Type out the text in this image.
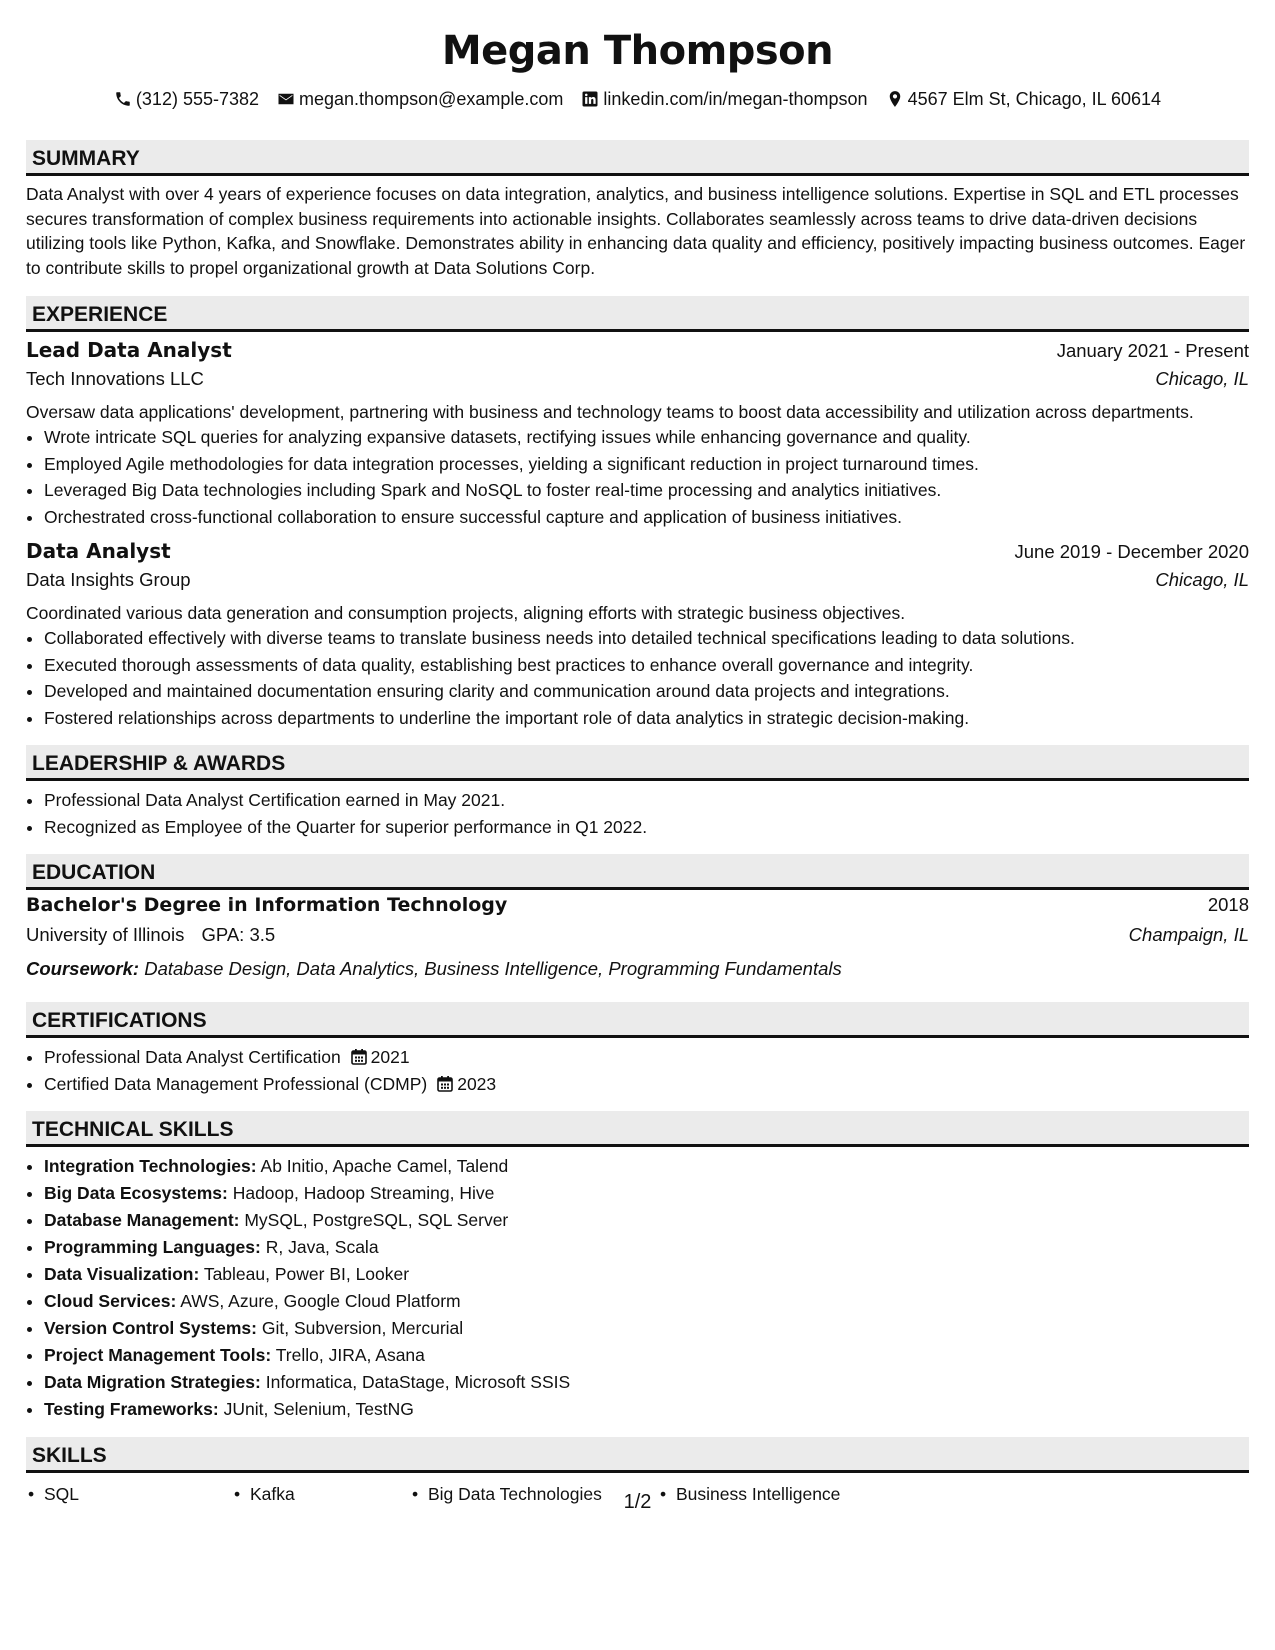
Megan Thompson
(312) 555-7382 megan.thompson@example.com linkedin.com/in/megan-thompson 4567 Elm St, Chicago, IL 60614
SUMMARY

Data Analyst with over 4 years of experience focuses on data integration, analytics, and business intelligence solutions. Expertise in SQL and ETL processes secures transformation of complex business requirements into actionable insights. Collaborates seamlessly across teams to drive data-driven decisions utilizing tools like Python, Kafka, and Snowflake. Demonstrates ability in enhancing data quality and efficiency, positively impacting business outcomes. Eager to contribute skills to propel organizational growth at Data Solutions Corp.

EXPERIENCE
Lead Data Analyst	January 2021 - Present
Tech Innovations LLC	Chicago, IL

Oversaw data applications' development, partnering with business and technology teams to boost data accessibility and utilization across departments.

• Wrote intricate SQL queries for analyzing expansive datasets, rectifying issues while enhancing governance and quality.
• Employed Agile methodologies for data integration processes, yielding a significant reduction in project turnaround times.
• Leveraged Big Data technologies including Spark and NoSQL to foster real-time processing and analytics initiatives.
• Orchestrated cross-functional collaboration to ensure successful capture and application of business initiatives.
Data Analyst	June 2019 - December 2020
Data Insights Group	Chicago, IL

Coordinated various data generation and consumption projects, aligning efforts with strategic business objectives.

• Collaborated effectively with diverse teams to translate business needs into detailed technical specifications leading to data solutions.
• Executed thorough assessments of data quality, establishing best practices to enhance overall governance and integrity.
• Developed and maintained documentation ensuring clarity and communication around data projects and integrations.
• Fostered relationships across departments to underline the important role of data analytics in strategic decision-making.
LEADERSHIP & AWARDS
• Professional Data Analyst Certification earned in May 2021.
• Recognized as Employee of the Quarter for superior performance in Q1 2022.
EDUCATION
Bachelor's Degree in Information Technology	2018
University of Illinois GPA: 3.5	Champaign, IL
Coursework: Database Design, Data Analytics, Business Intelligence, Programming Fundamentals
CERTIFICATIONS
• Professional Data Analyst Certification 2021
• Certified Data Management Professional (CDMP) 2023
TECHNICAL SKILLS
• Integration Technologies: Ab Initio, Apache Camel, Talend
• Big Data Ecosystems: Hadoop, Hadoop Streaming, Hive
• Database Management: MySQL, PostgreSQL, SQL Server
• Programming Languages: R, Java, Scala
• Data Visualization: Tableau, Power BI, Looker
• Cloud Services: AWS, Azure, Google Cloud Platform
• Version Control Systems: Git, Subversion, Mercurial
• Project Management Tools: Trello, JIRA, Asana
• Data Migration Strategies: Informatica, DataStage, Microsoft SSIS
• Testing Frameworks: JUnit, Selenium, TestNG
SKILLS
• SQL	• Kafka	• Big Data Technologies	• Business Intelligence
1/2
